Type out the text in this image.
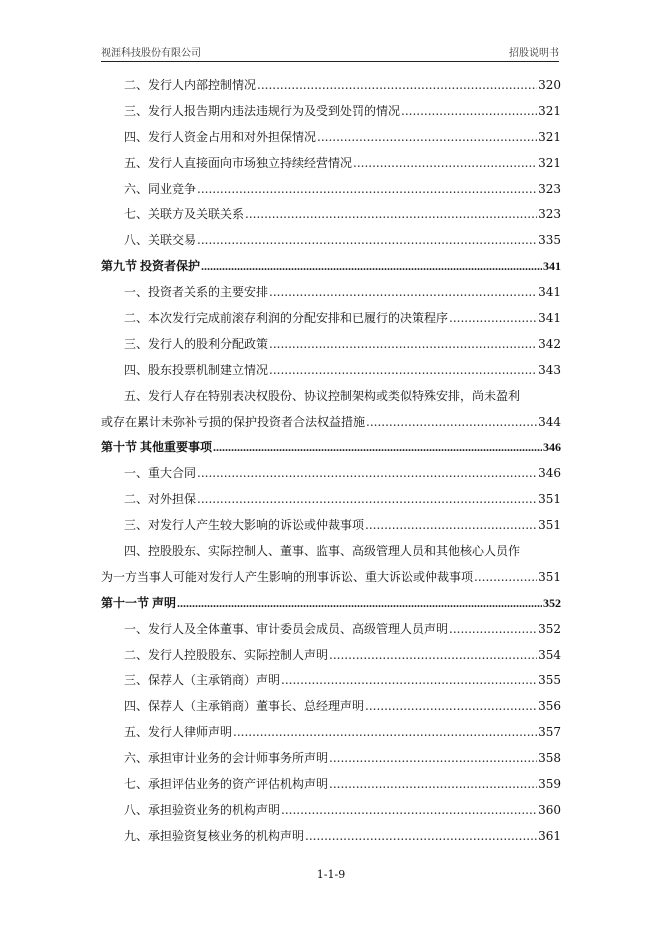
视涯科技股份有限公司	招股说明书
二、发行人内部控制情况 .....	320
三、发行人报告期内违法违规行为及受到处罚的情况 .....	321
四、发行人资金占用和对外担保情况 .....	321
五、发行人直接面向市场独立持续经营情况 .....	321
六、同业竞争 .....	323
七、关联方及关联关系 .....	323
八、关联交易 .....	335
第九节 投资者保护 .....	341
一、投资者关系的主要安排 .....	341
二、本次发行完成前滚存利润的分配安排和已履行的决策程序 .....	341
三、发行人的股利分配政策 .....	342
四、股东投票机制建立情况 .....	343
五、发行人存在特别表决权股份、协议控制架构或类似特殊安排，尚未盈利
或存在累计未弥补亏损的保护投资者合法权益措施 .....	344
第十节 其他重要事项 .....	346
一、重大合同 .....	346
二、对外担保 .....	351
三、对发行人产生较大影响的诉讼或仲裁事项 .....	351
四、控股股东、实际控制人、董事、监事、高级管理人员和其他核心人员作
为一方当事人可能对发行人产生影响的刑事诉讼、重大诉讼或仲裁事项 .....	351
第十一节 声明 .....	352
一、发行人及全体董事、审计委员会成员、高级管理人员声明 .....	352
二、发行人控股股东、实际控制人声明 .....	354
三、保荐人（主承销商）声明 .....	355
四、保荐人（主承销商）董事长、总经理声明 .....	356
五、发行人律师声明 .....	357
六、承担审计业务的会计师事务所声明 .....	358
七、承担评估业务的资产评估机构声明 .....	359
八、承担验资业务的机构声明 .....	360
九、承担验资复核业务的机构声明 .....	361
1-1-9
